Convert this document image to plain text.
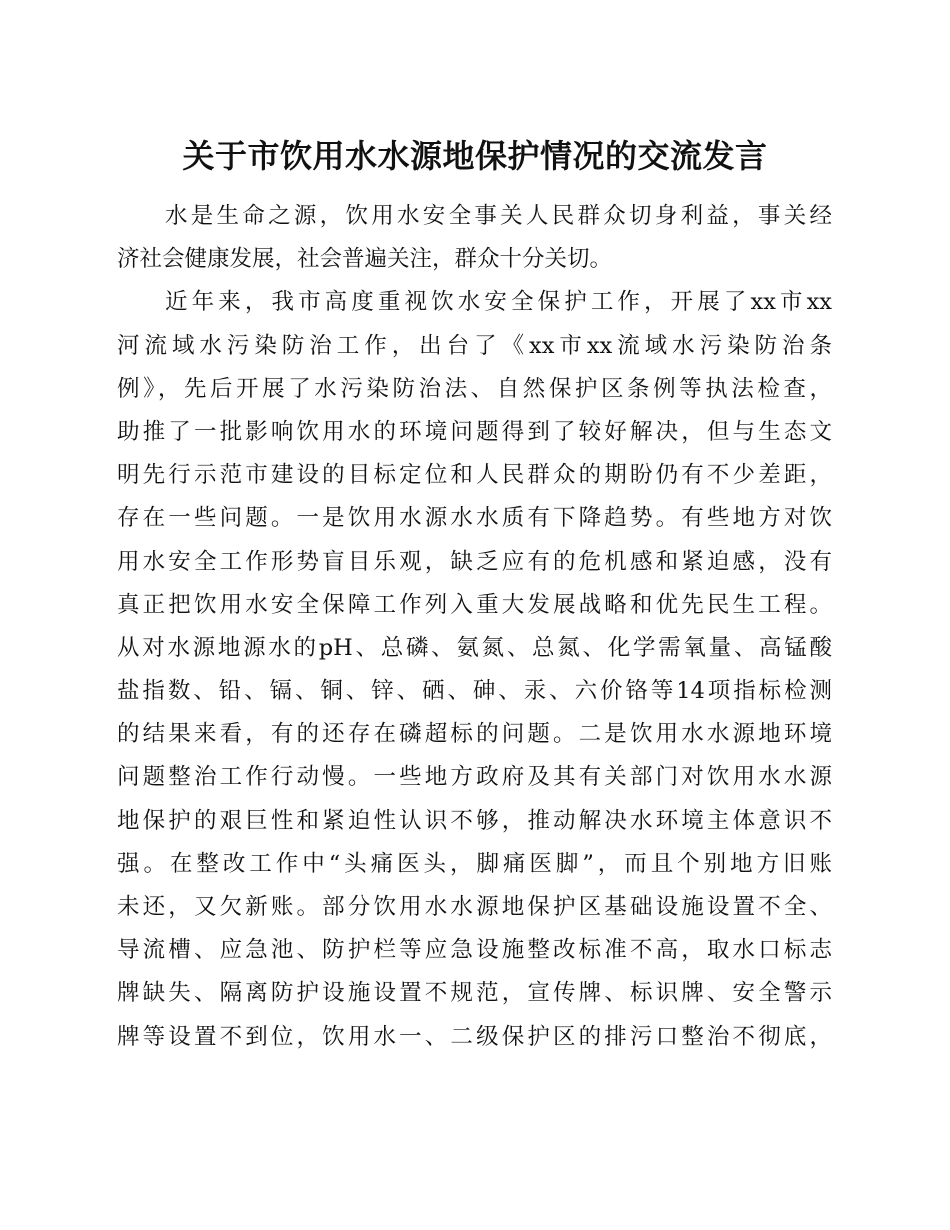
关于市饮用水水源地保护情况的交流发言
水是生命之源，饮用水安全事关人民群众切身利益，事关经
济社会健康发展，社会普遍关注，群众十分关切。
近年来，我市高度重视饮水安全保护工作，开展了xx市xx
河流域水污染防治工作，出台了《xx市xx流域水污染防治条
例》，先后开展了水污染防治法、自然保护区条例等执法检查，
助推了一批影响饮用水的环境问题得到了较好解决，但与生态文
明先行示范市建设的目标定位和人民群众的期盼仍有不少差距，
存在一些问题。一是饮用水源水水质有下降趋势。有些地方对饮
用水安全工作形势盲目乐观，缺乏应有的危机感和紧迫感，没有
真正把饮用水安全保障工作列入重大发展战略和优先民生工程。
从对水源地源水的pH、总磷、氨氮、总氮、化学需氧量、高锰酸
盐指数、铅、镉、铜、锌、硒、砷、汞、六价铬等14项指标检测
的结果来看，有的还存在磷超标的问题。二是饮用水水源地环境
问题整治工作行动慢。一些地方政府及其有关部门对饮用水水源
地保护的艰巨性和紧迫性认识不够，推动解决水环境主体意识不
强。在整改工作中“头痛医头，脚痛医脚”，而且个别地方旧账
未还，又欠新账。部分饮用水水源地保护区基础设施设置不全、
导流槽、应急池、防护栏等应急设施整改标准不高，取水口标志
牌缺失、隔离防护设施设置不规范，宣传牌、标识牌、安全警示
牌等设置不到位，饮用水一、二级保护区的排污口整治不彻底，
